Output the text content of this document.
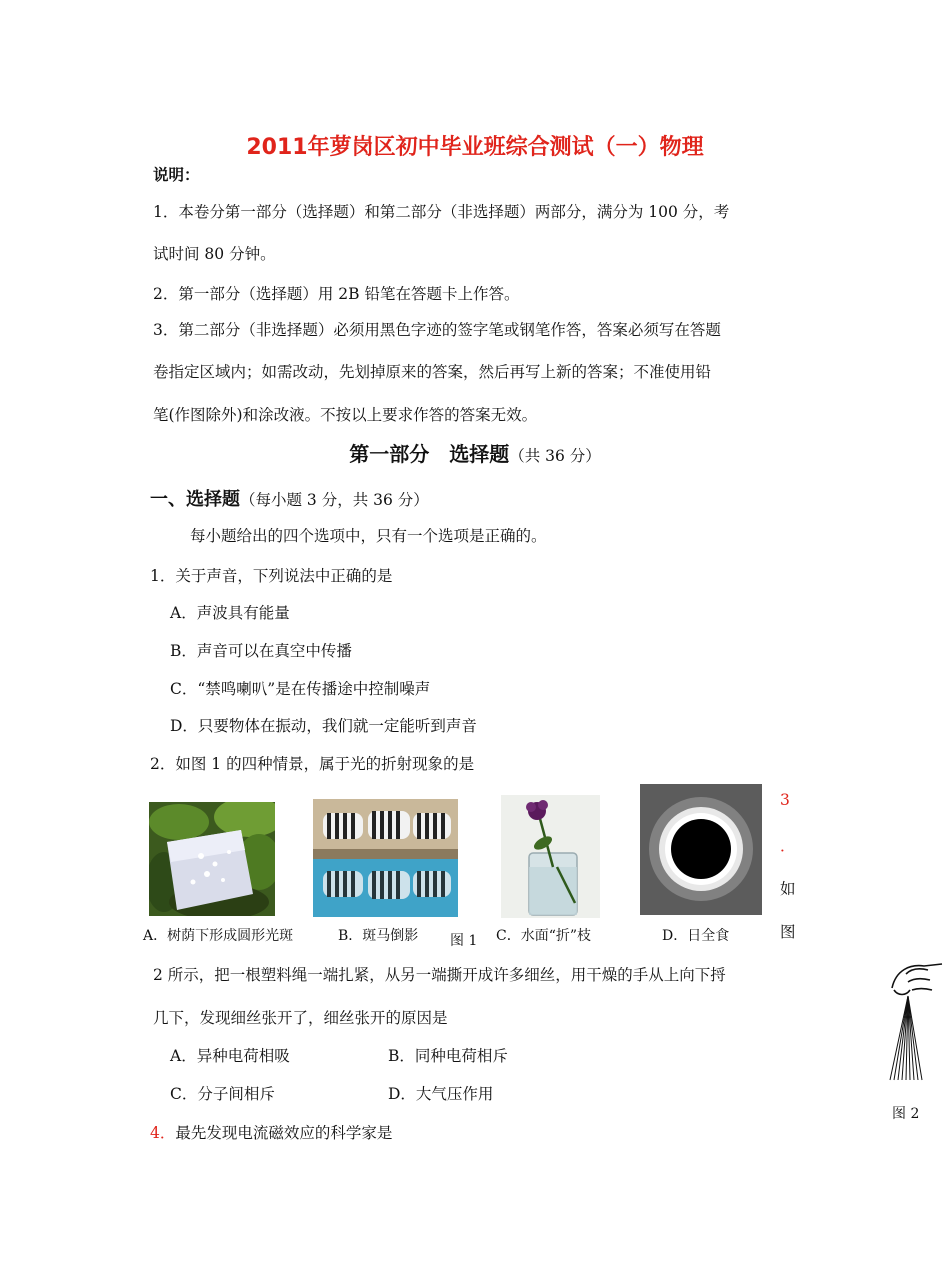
2011年萝岗区初中毕业班综合测试（一）物理
说明：
1．本卷分第一部分（选择题）和第二部分（非选择题）两部分，满分为 100 分，考
试时间 80 分钟。
2．第一部分（选择题）用 2B 铅笔在答题卡上作答。
3．第二部分（非选择题）必须用黑色字迹的签字笔或钢笔作答，答案必须写在答题
卷指定区域内；如需改动，先划掉原来的答案，然后再写上新的答案；不准使用铅
笔(作图除外)和涂改液。不按以上要求作答的答案无效。
第一部分　选择题（共 36 分）
一、选择题（每小题 3 分，共 36 分）
每小题给出的四个选项中，只有一个选项是正确的。
1．关于声音，下列说法中正确的是
A．声波具有能量
B．声音可以在真空中传播
C．“禁鸣喇叭”是在传播途中控制噪声
D．只要物体在振动，我们就一定能听到声音
2．如图 1 的四种情景，属于光的折射现象的是
A．树荫下形成圆形光斑	B．斑马倒影 图 1 C．水面“折”枝	D．日全食
3
．
如
图
2 所示，把一根塑料绳一端扎紧，从另一端撕开成许多细丝，用干燥的手从上向下捋
几下，发现细丝张开了，细丝张开的原因是
A．异种电荷相吸	B．同种电荷相斥
C．分子间相斥	D．大气压作用
图 2
4．最先发现电流磁效应的科学家是
